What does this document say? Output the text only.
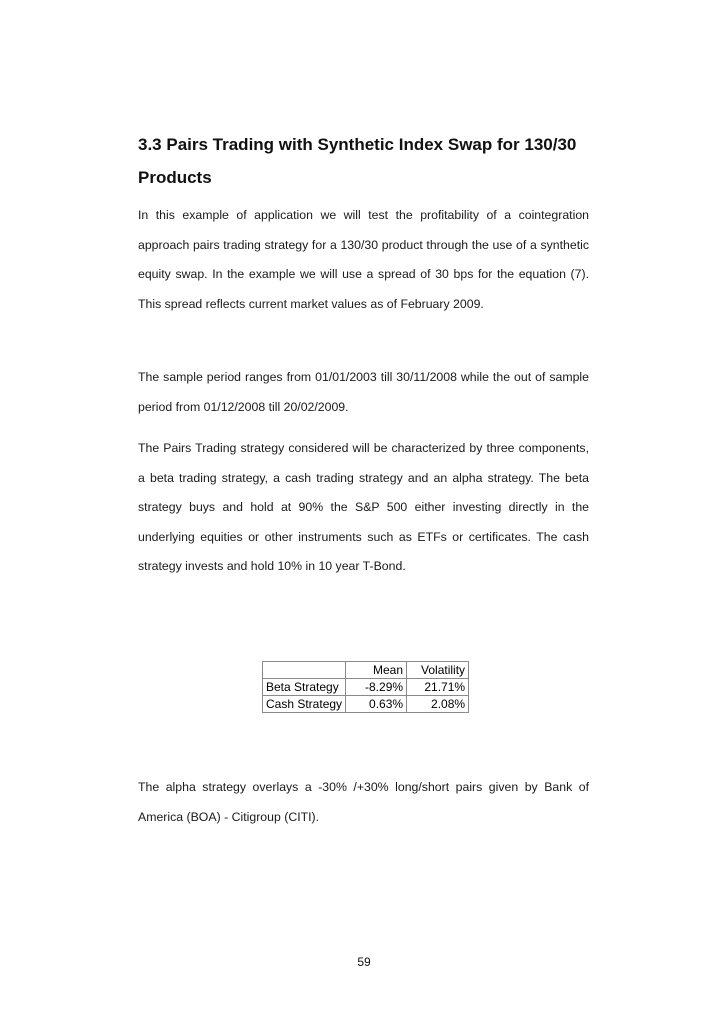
3.3 Pairs Trading with Synthetic Index Swap for 130/30
Products

In this example of application we will test the profitability of a cointegration approach pairs trading strategy for a 130/30 product through the use of a synthetic equity swap. In the example we will use a spread of 30 bps for the equation (7). This spread reflects current market values as of February 2009.

The sample period ranges from 01/01/2003 till 30/11/2008 while the out of sample period from 01/12/2008 till 20/02/2009.

The Pairs Trading strategy considered will be characterized by three components, a beta trading strategy, a cash trading strategy and an alpha strategy. The beta strategy buys and hold at 90% the S&P 500 either investing directly in the underlying equities or other instruments such as ETFs or certificates. The cash strategy invests and hold 10% in 10 year T-Bond.

	Mean	Volatility
Beta Strategy	-8.29%	21.71%
Cash Strategy	0.63%	2.08%

The alpha strategy overlays a -30% /+30% long/short pairs given by Bank of America (BOA) - Citigroup (CITI).

59
